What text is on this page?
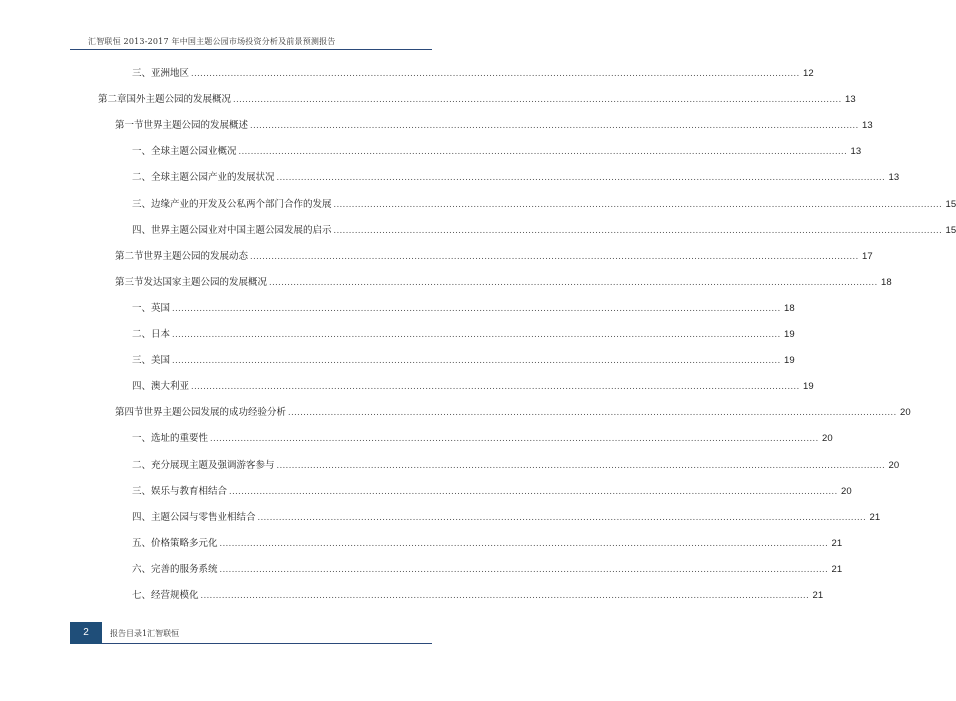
汇智联恒 2013-2017 年中国主题公园市场投资分析及前景预测报告
三、 亚洲地区 ........................................................................................................................................................................................................ 12
第二章 国外主题公园的发展概况 ........................................................................................................................................................................................................ 13
第一节 世界主题公园的发展概述 ........................................................................................................................................................................................................ 13
一、 全球主题公园业概况 ........................................................................................................................................................................................................ 13
二、 全球主题公园产业的发展状况 ........................................................................................................................................................................................................ 13
三、 边缘产业的开发及公私两个部门合作的发展 ........................................................................................................................................................................................................ 15
四、 世界主题公园业对中国主题公园发展的启示 ........................................................................................................................................................................................................ 15
第二节 世界主题公园的发展动态 ........................................................................................................................................................................................................ 17
第三节 发达国家主题公园的发展概况 ........................................................................................................................................................................................................ 18
一、 英国 ........................................................................................................................................................................................................ 18
二、 日本 ........................................................................................................................................................................................................ 19
三、 美国 ........................................................................................................................................................................................................ 19
四、 澳大利亚 ........................................................................................................................................................................................................ 19
第四节 世界主题公园发展的成功经验分析 ........................................................................................................................................................................................................ 20
一、 选址的重要性 ........................................................................................................................................................................................................ 20
二、 充分展现主题及强调游客参与 ........................................................................................................................................................................................................ 20
三、 娱乐与教育相结合 ........................................................................................................................................................................................................ 20
四、 主题公园与零售业相结合 ........................................................................................................................................................................................................ 21
五、 价格策略多元化 ........................................................................................................................................................................................................ 21
六、 完善的服务系统 ........................................................................................................................................................................................................ 21
七、 经营规模化 ........................................................................................................................................................................................................ 21
2	报告目录1汇智联恒
